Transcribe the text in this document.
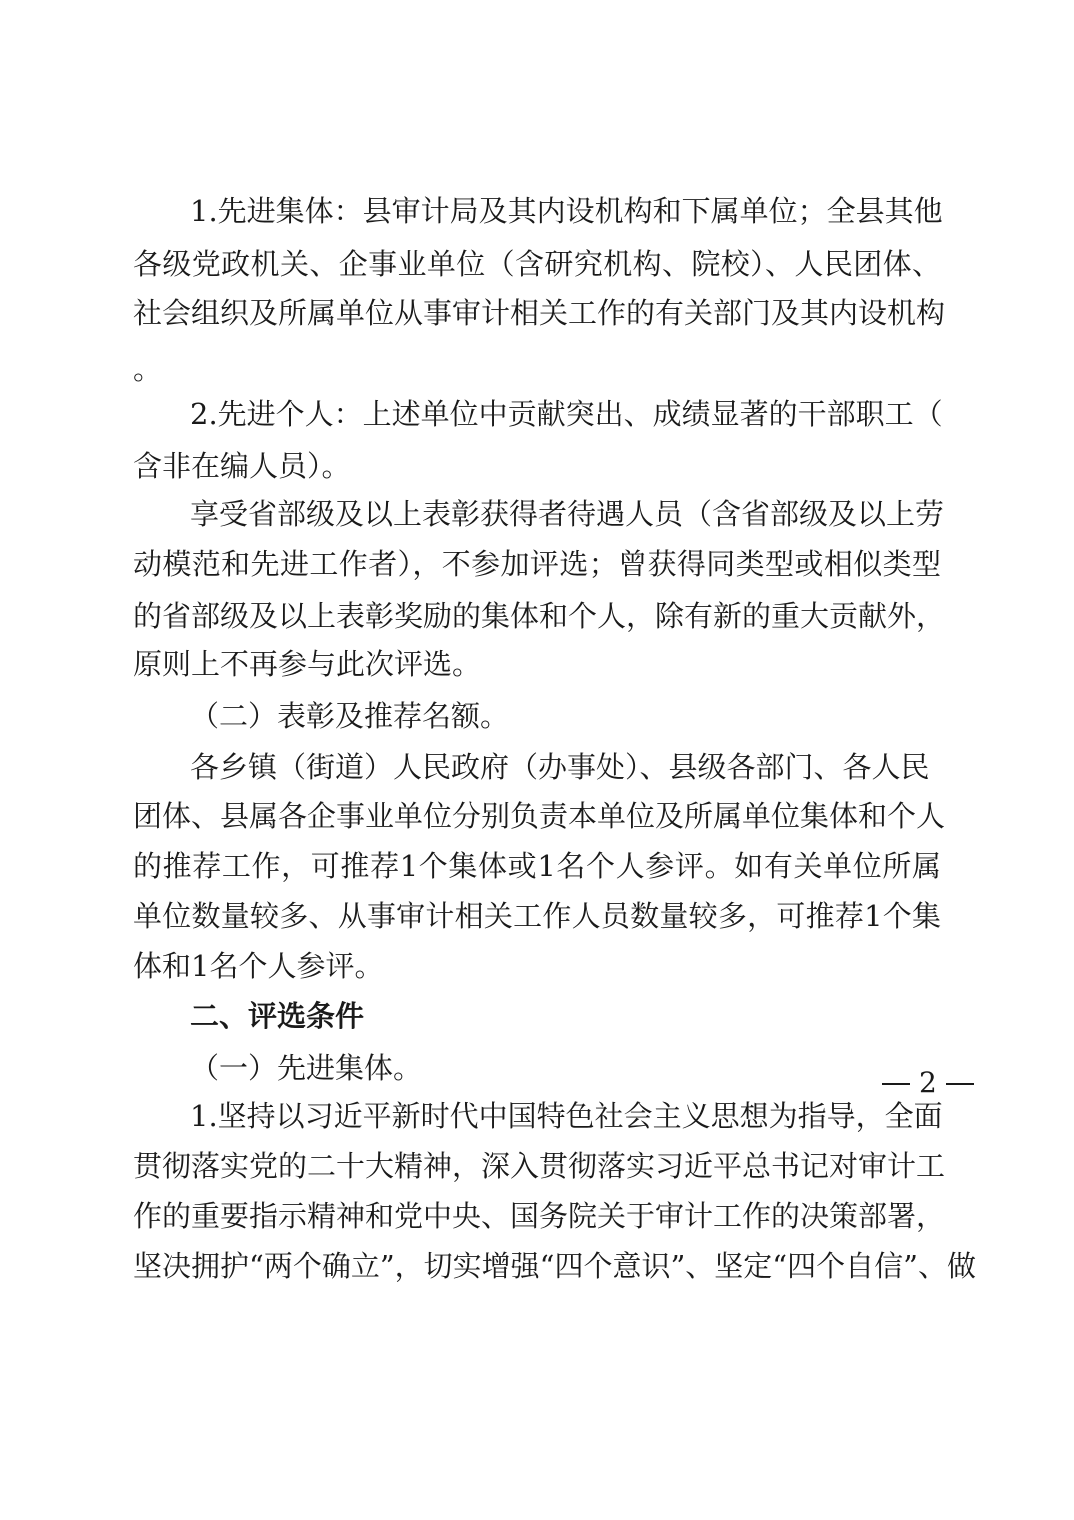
1.先进集体：县审计局及其内设机构和下属单位；全县其他
各级党政机关、企事业单位（含研究机构、院校）、人民团体、
社会组织及所属单位从事审计相关工作的有关部门及其内设机构
。
2.先进个人：上述单位中贡献突出、成绩显著的干部职工（
含非在编人员）。
享受省部级及以上表彰获得者待遇人员（含省部级及以上劳
动模范和先进工作者），不参加评选；曾获得同类型或相似类型
的省部级及以上表彰奖励的集体和个人，除有新的重大贡献外，
原则上不再参与此次评选。
（二）表彰及推荐名额。
各乡镇（街道）人民政府（办事处）、县级各部门、各人民
团体、县属各企事业单位分别负责本单位及所属单位集体和个人
的推荐工作，可推荐1个集体或1名个人参评。如有关单位所属
单位数量较多、从事审计相关工作人员数量较多，可推荐1个集
体和1名个人参评。
二、评选条件
（一）先进集体。
1.坚持以习近平新时代中国特色社会主义思想为指导，全面
贯彻落实党的二十大精神，深入贯彻落实习近平总书记对审计工
作的重要指示精神和党中央、国务院关于审计工作的决策部署，
坚决拥护“两个确立”，切实增强“四个意识”、坚定“四个自信”、做
2
